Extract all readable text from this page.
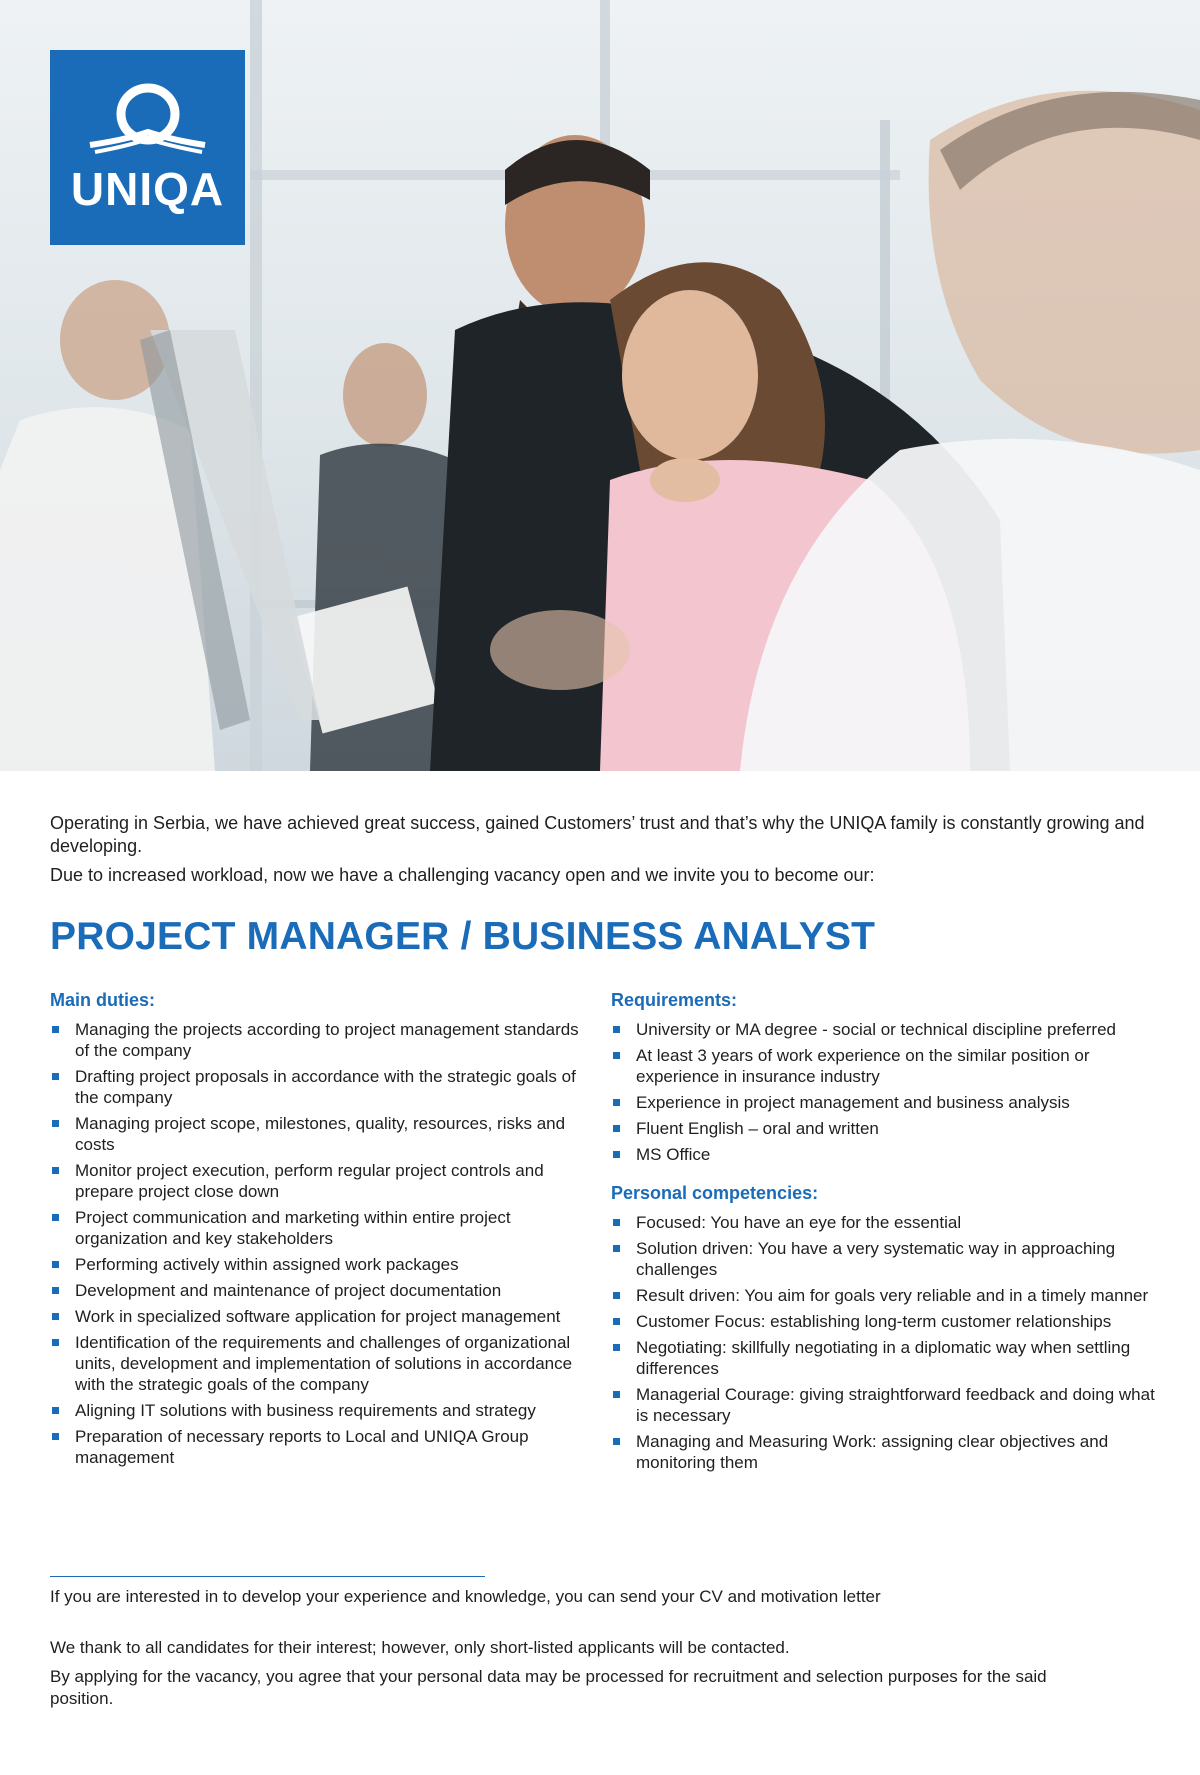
UNIQA

Operating in Serbia, we have achieved great success, gained Customers’ trust and that’s why the UNIQA family is constantly growing and developing.

Due to increased workload, now we have a challenging vacancy open and we invite you to become our:

PROJECT MANAGER / BUSINESS ANALYST
Main duties:
Managing the projects according to project management standards of the company
Drafting project proposals in accordance with the strategic goals of the company
Managing project scope, milestones, quality, resources, risks and costs
Monitor project execution, perform regular project controls and prepare project close down
Project communication and marketing within entire project organization and key stakeholders
Performing actively within assigned work packages
Development and maintenance of project documentation
Work in specialized software application for project management
Identification of the requirements and challenges of organizational units, development and implementation of solutions in accordance with the strategic goals of the company
Aligning IT solutions with business requirements and strategy
Preparation of necessary reports to Local and UNIQA Group management
Requirements:
University or MA degree - social or technical discipline preferred
At least 3 years of work experience on the similar position or experience in insurance industry
Experience in project management and business analysis
Fluent English – oral and written
MS Office
Personal competencies:
Focused: You have an eye for the essential
Solution driven: You have a very systematic way in approaching challenges
Result driven: You aim for goals very reliable and in a timely manner
Customer Focus: establishing long-term customer relationships
Negotiating: skillfully negotiating in a diplomatic way when settling differences
Managerial Courage: giving straightforward feedback and doing what is necessary
Managing and Measuring Work: assigning clear objectives and monitoring them

If you are interested in to develop your experience and knowledge, you can send your CV and motivation letter

We thank to all candidates for their interest; however, only short-listed applicants will be contacted.

By applying for the vacancy, you agree that your personal data may be processed for recruitment and selection purposes for the said position.
